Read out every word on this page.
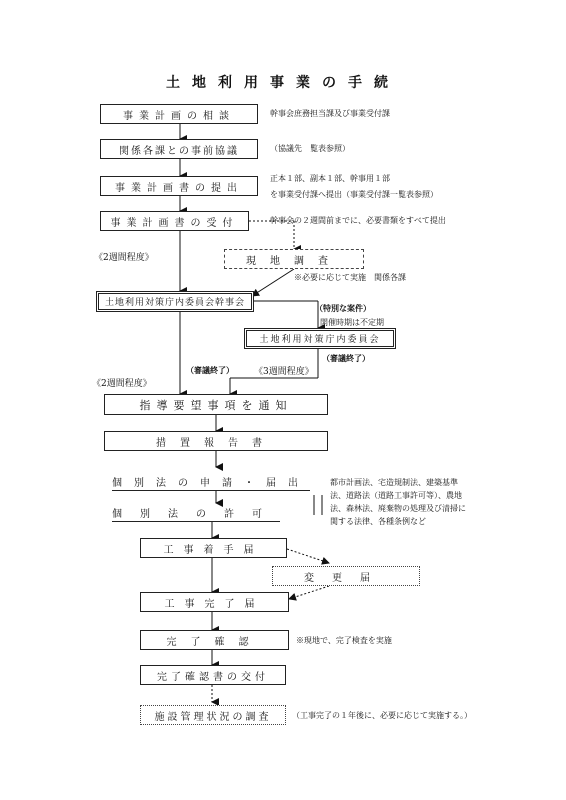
土地利用事業の手続
事業計画の相談	幹事会庶務担当課及び事業受付課
関係各課との事前協議	（協議先　覧表参照）
事業計画書の提出
正本１部、副本１部、幹事用１部
を事業受付課へ提出（事業受付課一覧表参照）
事業計画書の受付	幹事会の２週間前までに、必要書類をすべて提出
《2週間程度》	現地調査
※必要に応じて実施　関係各課
土地利用対策庁内委員会幹事会	（特別な案件）
開催時期は不定期
土地利用対策庁内委員会
（審議終了） 《3週間程度》
（審議終了）
《2週間程度》
指導要望事項を通知
措置報告書
個別法の申請・届出
個別法の許可
都市計画法、宅造規制法、建築基準
法、道路法（道路工事許可等）、農地
法、森林法、廃棄物の処理及び清掃に
関する法律、各種条例など
工事着手届
変更届
工事完了届
完了確認	※現地で、完了検査を実施
完了確認書の交付
施設管理状況の調査	（工事完了の１年後に、必要に応じて実施する。）
